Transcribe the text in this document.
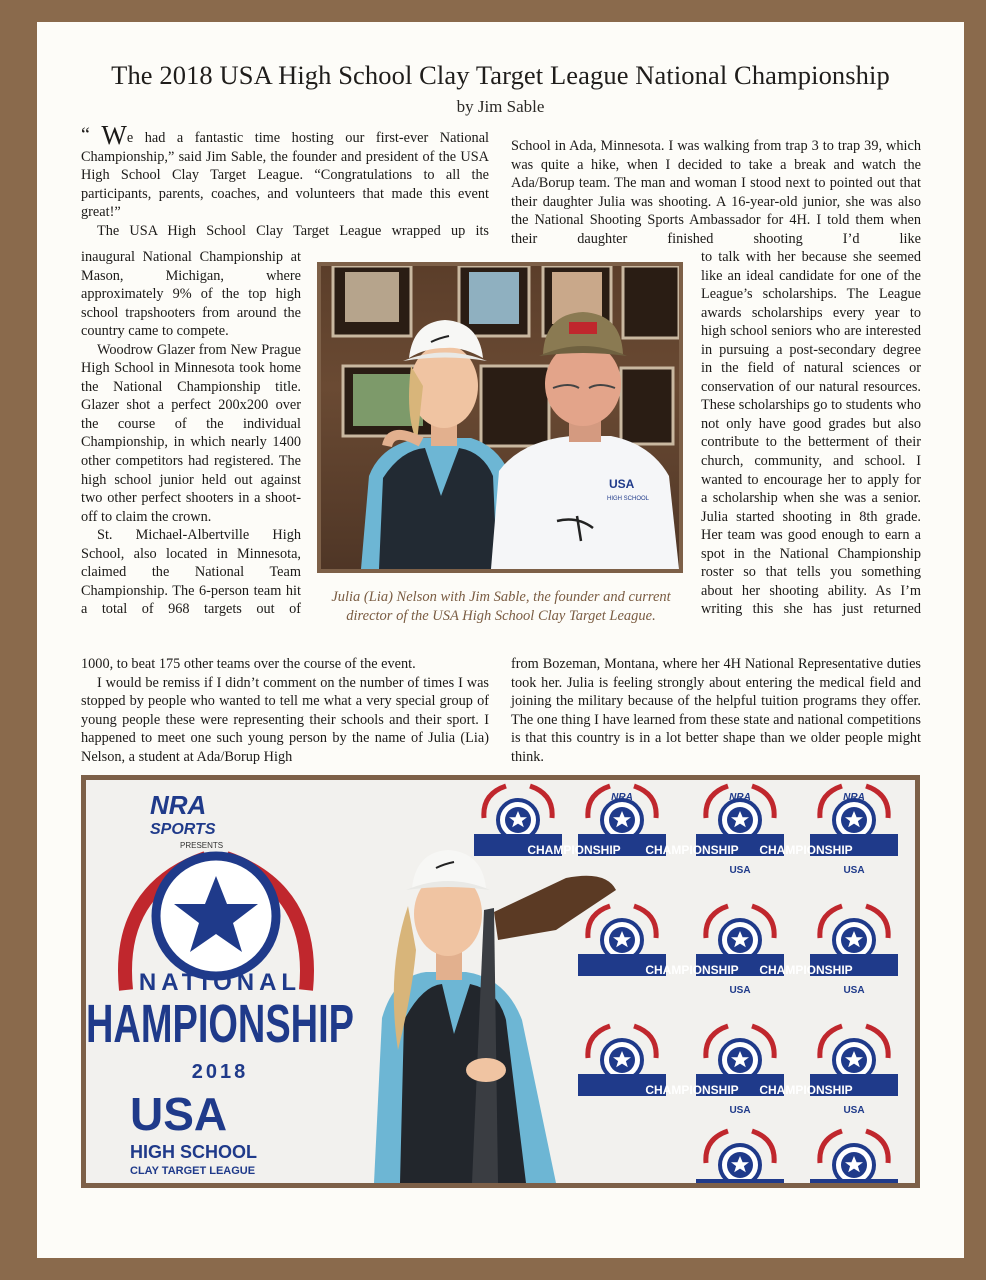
The 2018 USA High School Clay Target League National Championship
by Jim Sable

“ We had a fantastic time hosting our first-ever National Championship,” said Jim Sable, the founder and president of the USA High School Clay Target League. “Congratulations to all the participants, parents, coaches, and volunteers that made this event great!”

The USA High School Clay Target League wrapped up its

inaugural National Championship at Mason, Michigan, where approximately 9% of the top high school trapshooters from around the country came to compete.

Woodrow Glazer from New Prague High School in Minnesota took home the National Championship title. Glazer shot a perfect 200x200 over the course of the individual Championship, in which nearly 1400 other competitors had registered. The high school junior held out against two other perfect shooters in a shoot-off to claim the crown.

St. Michael-Albertville High School, also located in Minnesota, claimed the National Team Championship. The 6-person team hit a total of 968 targets out of

1000, to beat 175 other teams over the course of the event.

I would be remiss if I didn’t comment on the number of times I was stopped by people who wanted to tell me what a very special group of young people these were representing their schools and their sport. I happened to meet one such young person by the name of Julia (Lia) Nelson, a student at Ada/Borup High

School in Ada, Minnesota. I was walking from trap 3 to trap 39, which was quite a hike, when I decided to take a break and watch the Ada/Borup team. The man and woman I stood next to pointed out that their daughter Julia was shooting. A 16-year-old junior, she was also the National Shooting Sports Ambassador for 4H. I told them when their daughter finished shooting I’d like

to talk with her because she seemed like an ideal candidate for one of the League’s scholarships. The League awards scholarships every year to high school seniors who are interested in pursuing a post-secondary degree in the field of natural sciences or conservation of our natural resources. These scholarships go to students who not only have good grades but also contribute to the betterment of their church, community, and school. I wanted to encourage her to apply for a scholarship when she was a senior. Julia started shooting in 8th grade. Her team was good enough to earn a spot in the National Championship roster so that tells you something about her shooting ability. As I’m writing this she has just returned

from Bozeman, Montana, where her 4H National Representative duties took her. Julia is feeling strongly about entering the medical field and joining the military because of the helpful tuition programs they offer. The one thing I have learned from these state and national competitions is that this country is in a lot better shape than we older people might think.

USA
HIGH SCHOOL
Julia (Lia) Nelson with Jim Sable, the founder and current director of the USA High School Clay Target League.
NRA
SPORTS
PRESENTS
NATIONAL
HAMPIONSHIP
2018
USA
HIGH SCHOOL
CLAY TARGET LEAGUE
CHAMPIONSHIP CHAMPIONSHIP CHAMPIONSHIP
CHAMPIONSHIP CHAMPIONSHIP
CHAMPIONSHIP CHAMPIONSHIP
NRA	NRA	NRA
USA	USA
USA	USA
USA	USA
